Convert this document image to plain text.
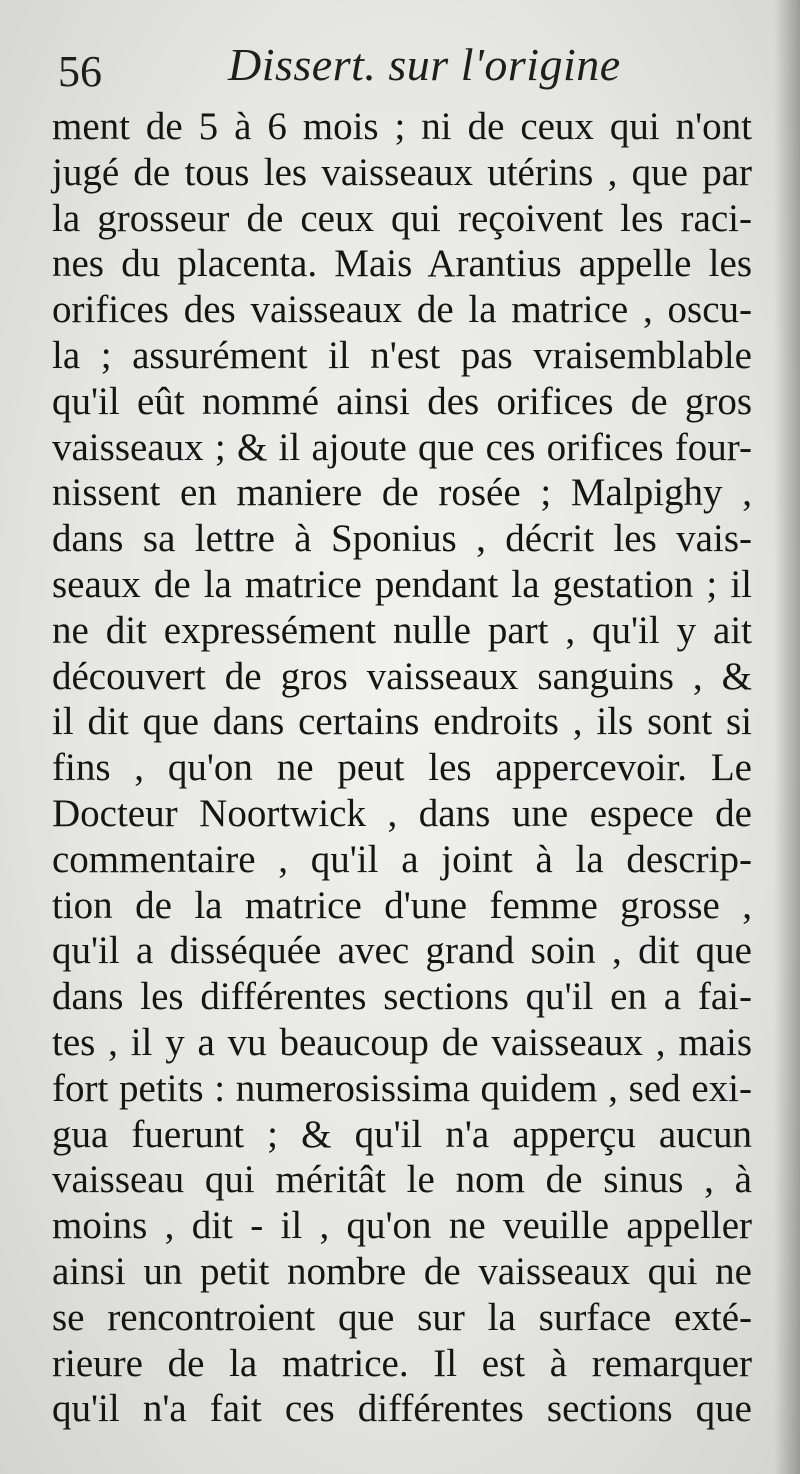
56	Dissert. sur l'origine
ment de 5 à 6 mois ; ni de ceux qui n'ont
jugé de tous les vaisseaux utérins , que par
la grosseur de ceux qui reçoivent les raci-
nes du placenta. Mais Arantius appelle les
orifices des vaisseaux de la matrice , oscu-
la ; assurément il n'est pas vraisemblable
qu'il eût nommé ainsi des orifices de gros
vaisseaux ; & il ajoute que ces orifices four-
nissent en maniere de rosée ; Malpighy ,
dans sa lettre à Sponius , décrit les vais-
seaux de la matrice pendant la gestation ; il
ne dit expressément nulle part , qu'il y ait
découvert de gros vaisseaux sanguins , &
il dit que dans certains endroits , ils sont si
fins , qu'on ne peut les appercevoir. Le
Docteur Noortwick , dans une espece de
commentaire , qu'il a joint à la descrip-
tion de la matrice d'une femme grosse ,
qu'il a disséquée avec grand soin , dit que
dans les différentes sections qu'il en a fai-
tes , il y a vu beaucoup de vaisseaux , mais
fort petits : numerosissima quidem , sed exi-
gua fuerunt ; & qu'il n'a apperçu aucun
vaisseau qui méritât le nom de sinus , à
moins , dit - il , qu'on ne veuille appeller
ainsi un petit nombre de vaisseaux qui ne
se rencontroient que sur la surface exté-
rieure de la matrice. Il est à remarquer
qu'il n'a fait ces différentes sections que
